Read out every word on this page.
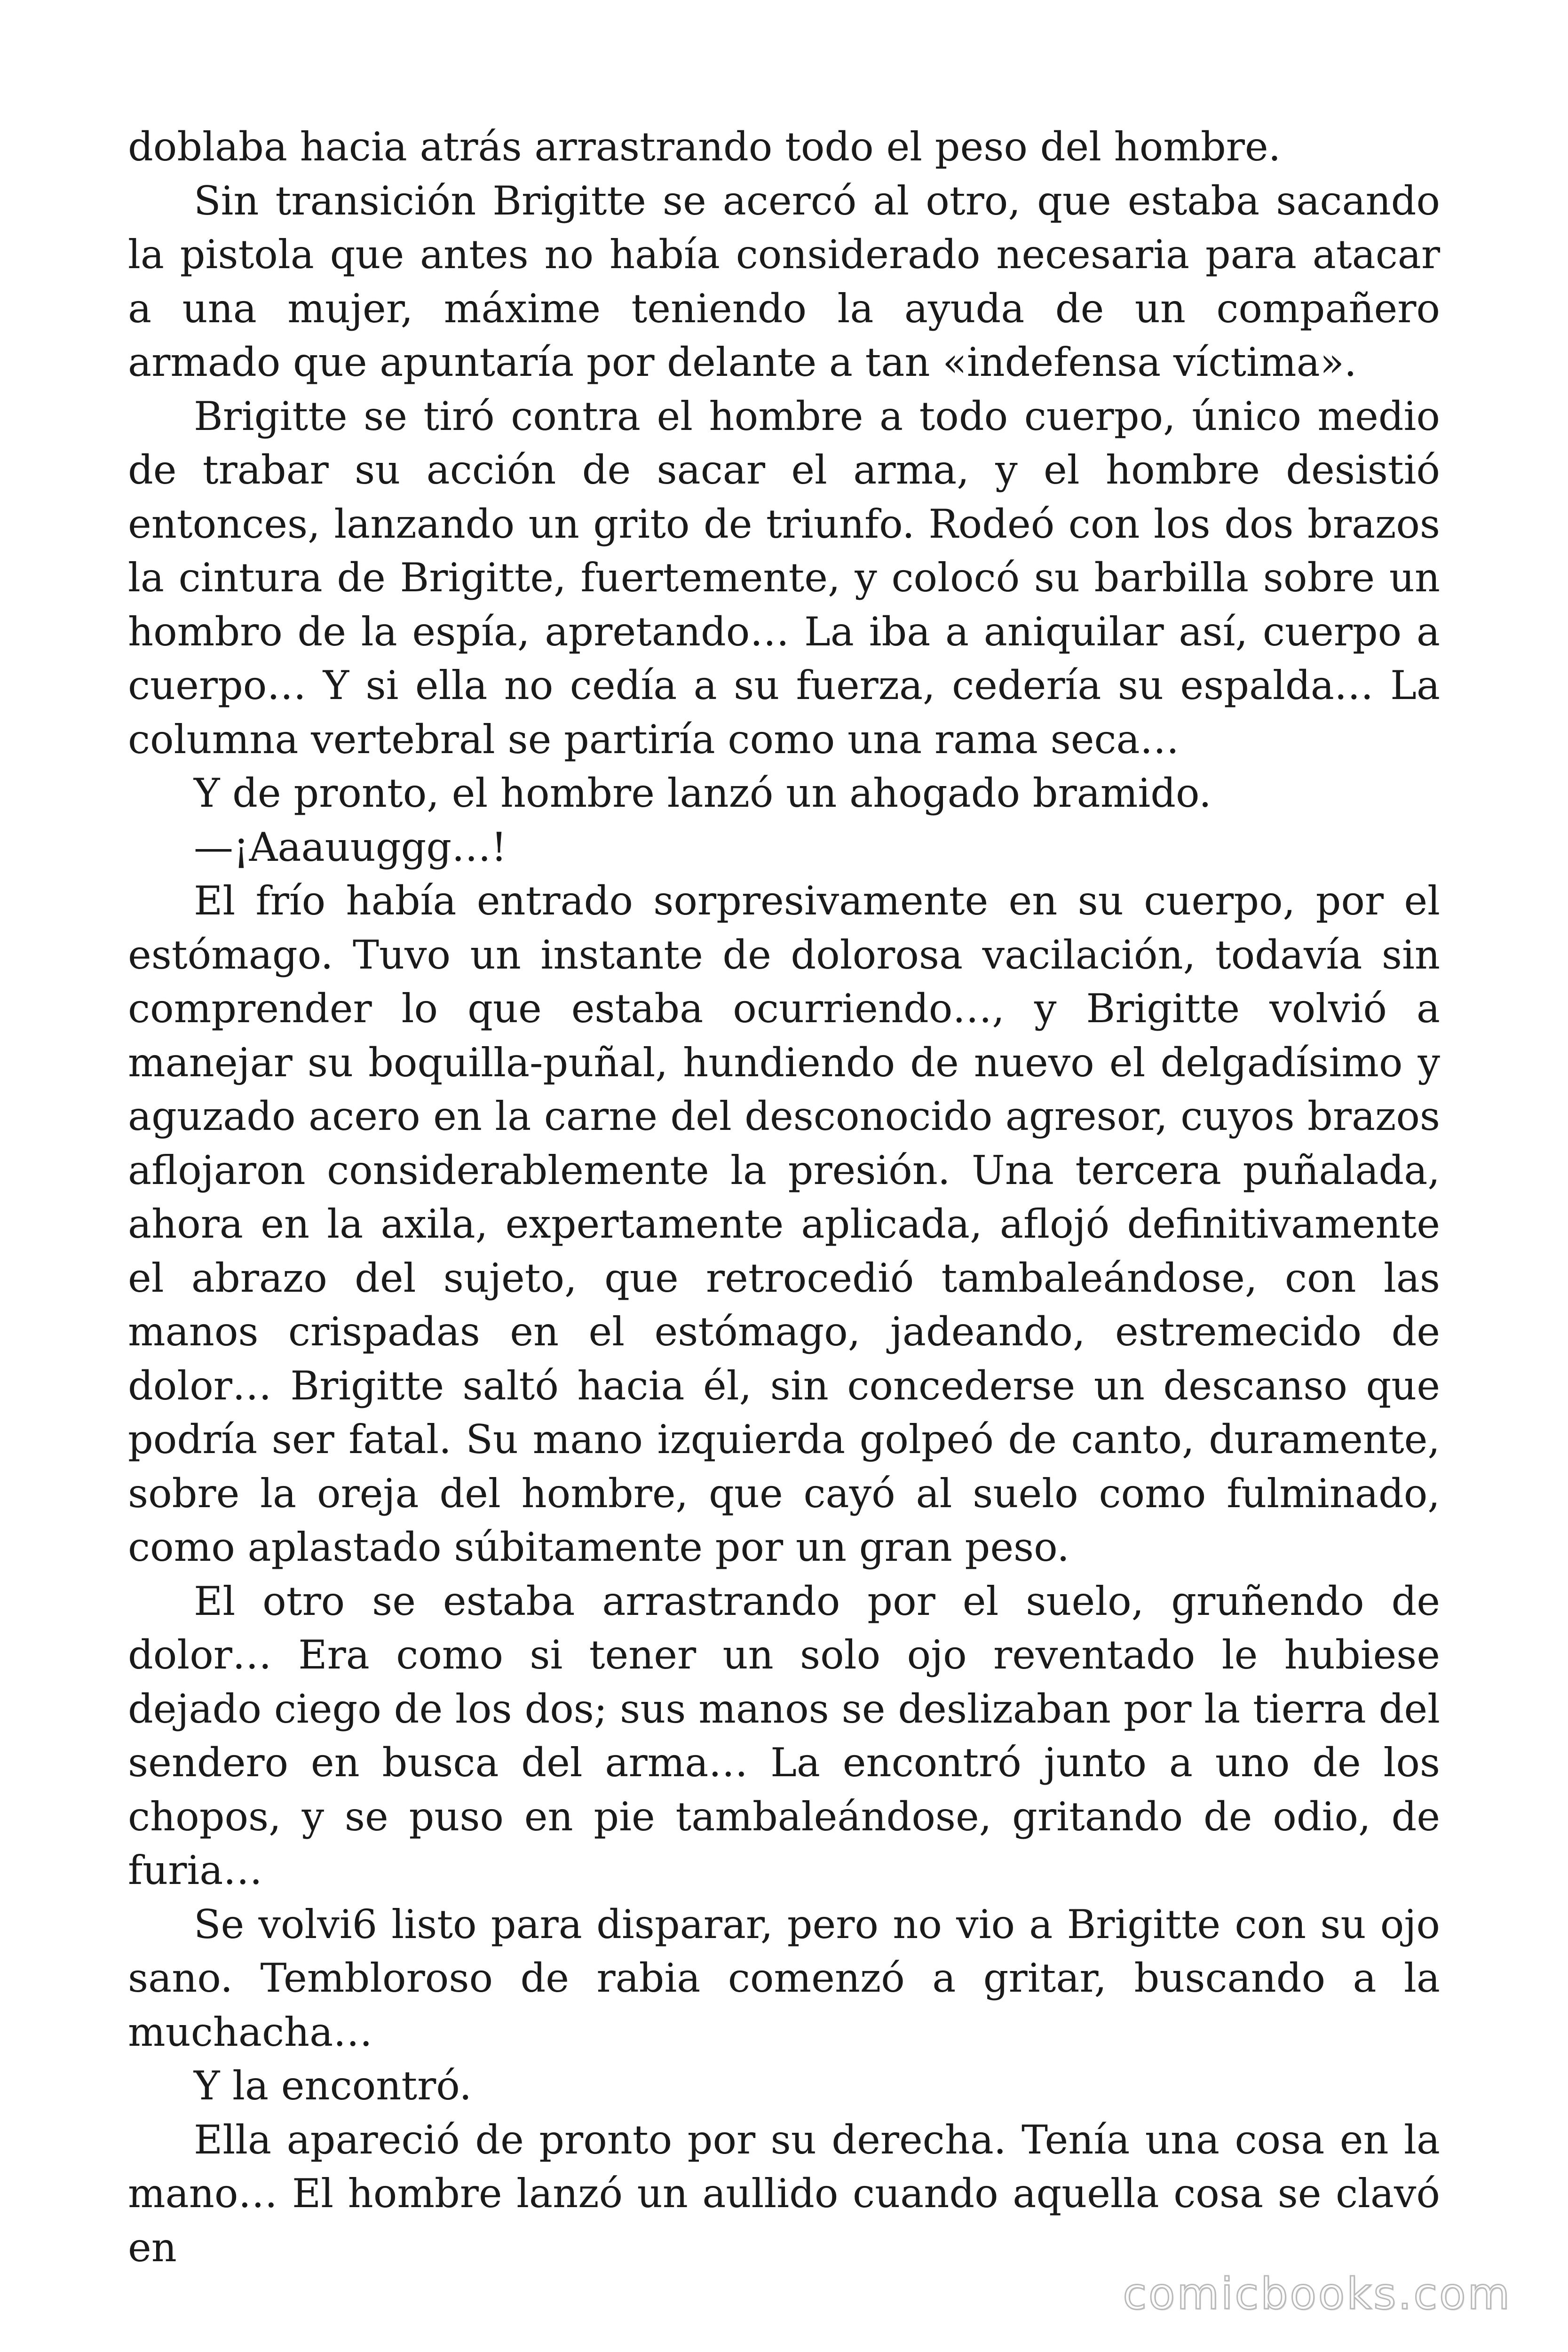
doblaba hacia atrás arrastrando todo el peso del hombre.

Sin transición Brigitte se acercó al otro, que estaba sacando la pistola que antes no había considerado necesaria para atacar a una mujer, máxime teniendo la ayuda de un compañero armado que apuntaría por delante a tan «indefensa víctima».

Brigitte se tiró contra el hombre a todo cuerpo, único medio de trabar su acción de sacar el arma, y el hombre desistió entonces, lanzando un grito de triunfo. Rodeó con los dos brazos la cintura de Brigitte, fuertemente, y colocó su barbilla sobre un hombro de la espía, apretando… La iba a aniquilar así, cuerpo a cuerpo… Y si ella no cedía a su fuerza, cedería su espalda… La columna vertebral se partiría como una rama seca…

Y de pronto, el hombre lanzó un ahogado bramido.

—¡Aaauuggg…!

El frío había entrado sorpresivamente en su cuerpo, por el estómago. Tuvo un instante de dolorosa vacilación, todavía sin comprender lo que estaba ocurriendo…, y Brigitte volvió a manejar su boquilla-puñal, hundiendo de nuevo el delgadísimo y aguzado acero en la carne del desconocido agresor, cuyos brazos aflojaron considerablemente la presión. Una tercera puñalada, ahora en la axila, expertamente aplicada, aflojó definitivamente el abrazo del sujeto, que retrocedió tambaleándose, con las manos crispadas en el estómago, jadeando, estremecido de dolor… Brigitte saltó hacia él, sin concederse un descanso que podría ser fatal. Su mano izquierda golpeó de canto, duramente, sobre la oreja del hombre, que cayó al suelo como fulminado, como aplastado súbitamente por un gran peso.

El otro se estaba arrastrando por el suelo, gruñendo de dolor… Era como si tener un solo ojo reventado le hubiese dejado ciego de los dos; sus manos se deslizaban por la tierra del sendero en busca del arma… La encontró junto a uno de los chopos, y se puso en pie tambaleándose, gritando de odio, de furia…

Se volvi6 listo para disparar, pero no vio a Brigitte con su ojo sano. Tembloroso de rabia comenzó a gritar, buscando a la muchacha…

Y la encontró.

Ella apareció de pronto por su derecha. Tenía una cosa en la mano… El hombre lanzó un aullido cuando aquella cosa se clavó en

comicbooks.com
